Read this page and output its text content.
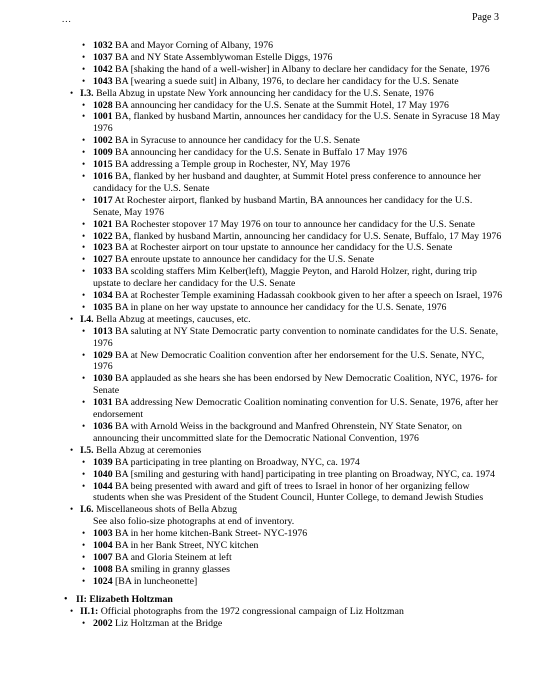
...	Page 3
• 1032 BA and Mayor Corning of Albany, 1976
• 1037 BA and NY State Assemblywoman Estelle Diggs, 1976
• 1042 BA [shaking the hand of a well-wisher] in Albany to declare her candidacy for the Senate, 1976
• 1043 BA [wearing a suede suit] in Albany, 1976, to declare her candidacy for the U.S. Senate
• I.3. Bella Abzug in upstate New York announcing her candidacy for the U.S. Senate, 1976
• 1028 BA announcing her candidacy for the U.S. Senate at the Summit Hotel, 17 May 1976
• 1001 BA, flanked by husband Martin, announces her candidacy for the U.S. Senate in Syracuse 18 May 1976
• 1002 BA in Syracuse to announce her candidacy for the U.S. Senate
• 1009 BA announcing her candidacy for the U.S. Senate in Buffalo 17 May 1976
• 1015 BA addressing a Temple group in Rochester, NY, May 1976
• 1016 BA, flanked by her husband and daughter, at Summit Hotel press conference to announce her candidacy for the U.S. Senate
• 1017 At Rochester airport, flanked by husband Martin, BA announces her candidacy for the U.S. Senate, May 1976
• 1021 BA Rochester stopover 17 May 1976 on tour to announce her candidacy for the U.S. Senate
• 1022 BA, flanked by husband Martin, announcing her candidacy for U.S. Senate, Buffalo, 17 May 1976
• 1023 BA at Rochester airport on tour upstate to announce her candidacy for the U.S. Senate
• 1027 BA enroute upstate to announce her candidacy for the U.S. Senate
• 1033 BA scolding staffers Mim Kelber(left), Maggie Peyton, and Harold Holzer, right, during trip upstate to declare her candidacy for the U.S. Senate
• 1034 BA at Rochester Temple examining Hadassah cookbook given to her after a speech on Israel, 1976
• 1035 BA in plane on her way upstate to announce her candidacy for the U.S. Senate, 1976
• I.4. Bella Abzug at meetings, caucuses, etc.
• 1013 BA saluting at NY State Democratic party convention to nominate candidates for the U.S. Senate, 1976
• 1029 BA at New Democratic Coalition convention after her endorsement for the U.S. Senate, NYC, 1976
• 1030 BA applauded as she hears she has been endorsed by New Democratic Coalition, NYC, 1976- for Senate
• 1031 BA addressing New Democratic Coalition nominating convention for U.S. Senate, 1976, after her endorsement
• 1036 BA with Arnold Weiss in the background and Manfred Ohrenstein, NY State Senator, on announcing their uncommitted slate for the Democratic National Convention, 1976
• I.5. Bella Abzug at ceremonies
• 1039 BA participating in tree planting on Broadway, NYC, ca. 1974
• 1040 BA [smiling and gesturing with hand] participating in tree planting on Broadway, NYC, ca. 1974
• 1044 BA being presented with award and gift of trees to Israel in honor of her organizing fellow students when she was President of the Student Council, Hunter College, to demand Jewish Studies
• I.6. Miscellaneous shots of Bella Abzug
See also folio-size photographs at end of inventory.
• 1003 BA in her home kitchen-Bank Street- NYC-1976
• 1004 BA in her Bank Street, NYC kitchen
• 1007 BA and Gloria Steinem at left
• 1008 BA smiling in granny glasses
• 1024 [BA in luncheonette]
• II: Elizabeth Holtzman
• II.1: Official photographs from the 1972 congressional campaign of Liz Holtzman
• 2002 Liz Holtzman at the Bridge
